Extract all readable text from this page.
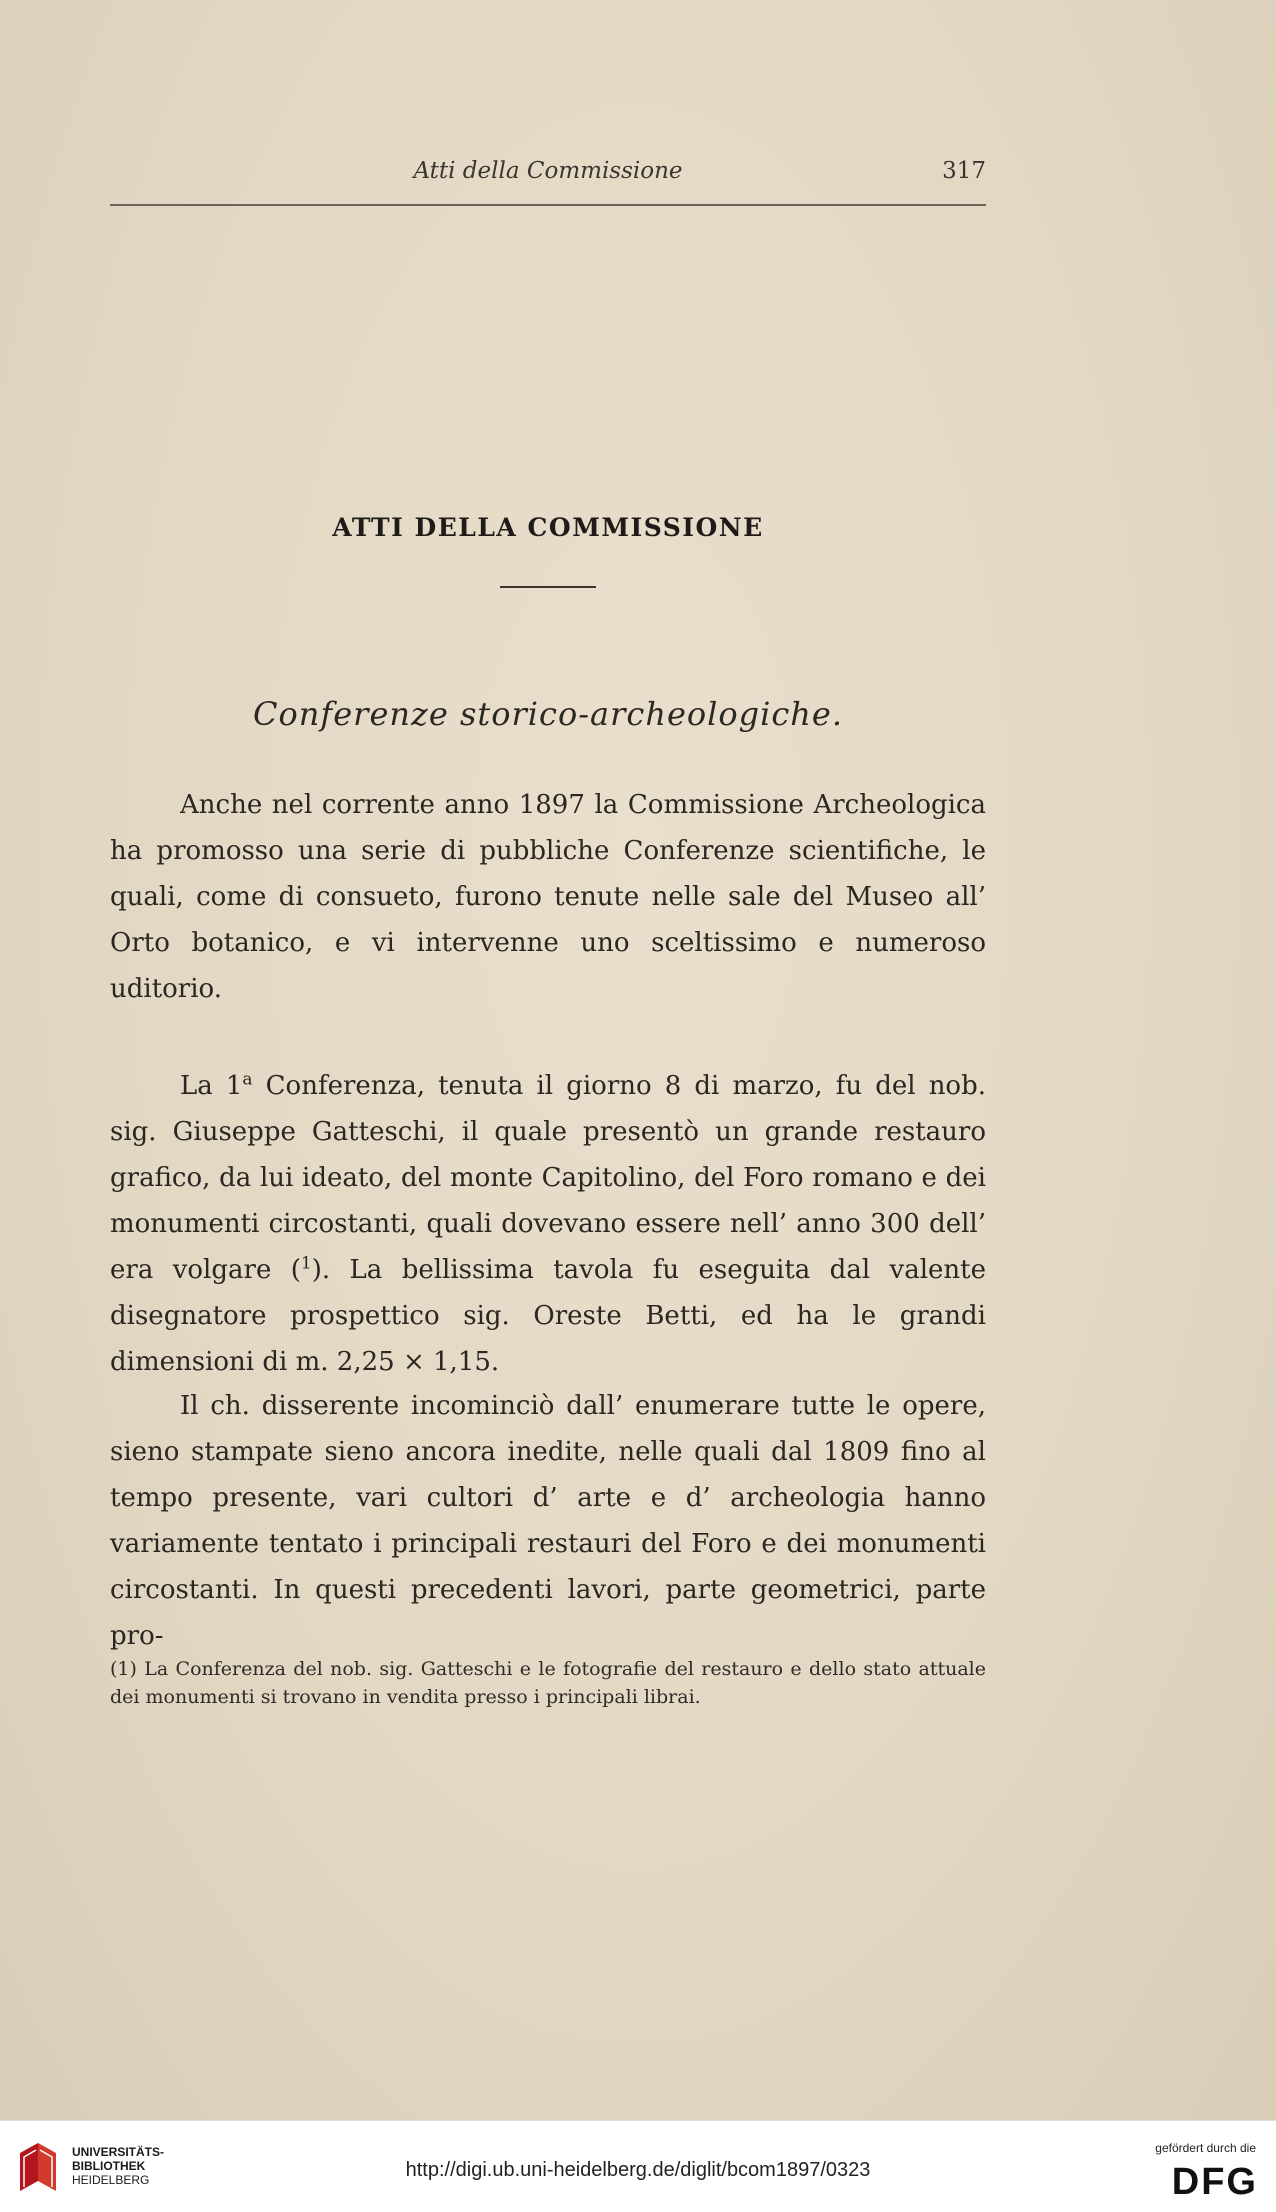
Atti della Commissione	317
ATTI DELLA COMMISSIONE
Conferenze storico-archeologiche.

Anche nel corrente anno 1897 la Commissione Archeologica ha promosso una serie di pubbliche Conferenze scientifiche, le quali, come di consueto, furono tenute nelle sale del Museo all’ Orto botanico, e vi intervenne uno sceltissimo e numeroso uditorio.

La 1$^a$ Conferenza, tenuta il giorno 8 di marzo, fu del nob. sig. Giuseppe Gatteschi, il quale presentò un grande restauro grafico, da lui ideato, del monte Capitolino, del Foro romano e dei monumenti circostanti, quali dovevano essere nell’ anno 300 dell’ era volgare ($^1$). La bellissima tavola fu eseguita dal valente disegnatore prospettico sig. Oreste Betti, ed ha le grandi dimensioni di m. 2,25 × 1,15.

Il ch. disserente incominciò dall’ enumerare tutte le opere, sieno stampate sieno ancora inedite, nelle quali dal 1809 fino al tempo presente, vari cultori d’ arte e d’ archeologia hanno variamente tentato i principali restauri del Foro e dei monumenti circostanti. In questi precedenti lavori, parte geometrici, parte pro-

(1) La Conferenza del nob. sig. Gatteschi e le fotografie del restauro e dello stato attuale dei monumenti si trovano in vendita presso i principali librai.

UNIVERSITÄTS-
BIBLIOTHEK
HEIDELBERG	http://digi.ub.uni-heidelberg.de/diglit/bcom1897/0323
gefördert durch die
DFG
